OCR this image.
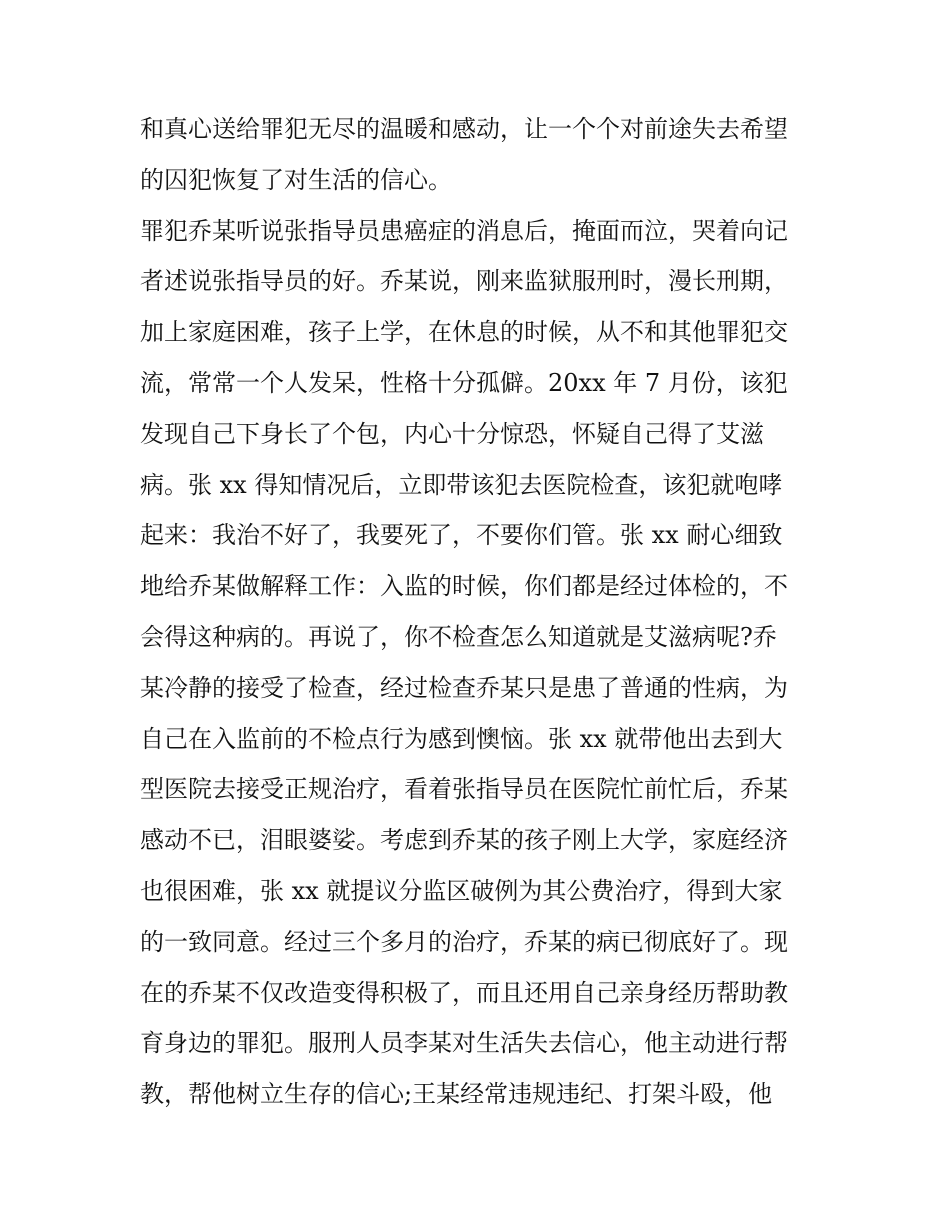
和真心送给罪犯无尽的温暖和感动，让一个个对前途失去希望
的囚犯恢复了对生活的信心。
罪犯乔某听说张指导员患癌症的消息后，掩面而泣，哭着向记
者述说张指导员的好。乔某说，刚来监狱服刑时，漫长刑期，
加上家庭困难，孩子上学，在休息的时候，从不和其他罪犯交
流，常常一个人发呆，性格十分孤僻。20xx 年 7 月份，该犯
发现自己下身长了个包，内心十分惊恐，怀疑自己得了艾滋
病。张 xx 得知情况后，立即带该犯去医院检查，该犯就咆哮
起来：我治不好了，我要死了，不要你们管。张 xx 耐心细致
地给乔某做解释工作：入监的时候，你们都是经过体检的，不
会得这种病的。再说了，你不检查怎么知道就是艾滋病呢?乔
某冷静的接受了检查，经过检查乔某只是患了普通的性病，为
自己在入监前的不检点行为感到懊恼。张 xx 就带他出去到大
型医院去接受正规治疗，看着张指导员在医院忙前忙后，乔某
感动不已，泪眼婆娑。考虑到乔某的孩子刚上大学，家庭经济
也很困难，张 xx 就提议分监区破例为其公费治疗，得到大家
的一致同意。经过三个多月的治疗，乔某的病已彻底好了。现
在的乔某不仅改造变得积极了，而且还用自己亲身经历帮助教
育身边的罪犯。服刑人员李某对生活失去信心，他主动进行帮
教，帮他树立生存的信心;王某经常违规违纪、打架斗殴，他
